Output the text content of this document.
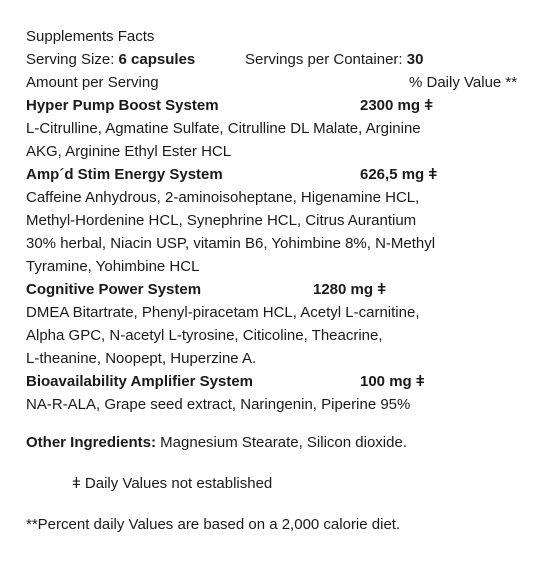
Supplements Facts
Serving Size: 6 capsules	Servings per Container: 30
Amount per Serving	% Daily Value **
Hyper Pump Boost System	2300 mg ǂ
L-Citrulline, Agmatine Sulfate, Citrulline DL Malate, Arginine
AKG, Arginine Ethyl Ester HCL
Amp´d Stim Energy System	626,5 mg ǂ
Caffeine Anhydrous, 2-aminoisoheptane, Higenamine HCL,
Methyl-Hordenine HCL, Synephrine HCL, Citrus Aurantium
30% herbal, Niacin USP, vitamin B6, Yohimbine 8%, N-Methyl
Tyramine, Yohimbine HCL
Cognitive Power System	1280 mg ǂ
DMEA Bitartrate, Phenyl-piracetam HCL, Acetyl L-carnitine,
Alpha GPC, N-acetyl L-tyrosine, Citicoline, Theacrine,
L-theanine, Noopept, Huperzine A.
Bioavailability Amplifier System	100 mg ǂ
NA-R-ALA, Grape seed extract, Naringenin, Piperine 95%
Other Ingredients: Magnesium Stearate, Silicon dioxide.
ǂ Daily Values not established
**Percent daily Values are based on a 2,000 calorie diet.
